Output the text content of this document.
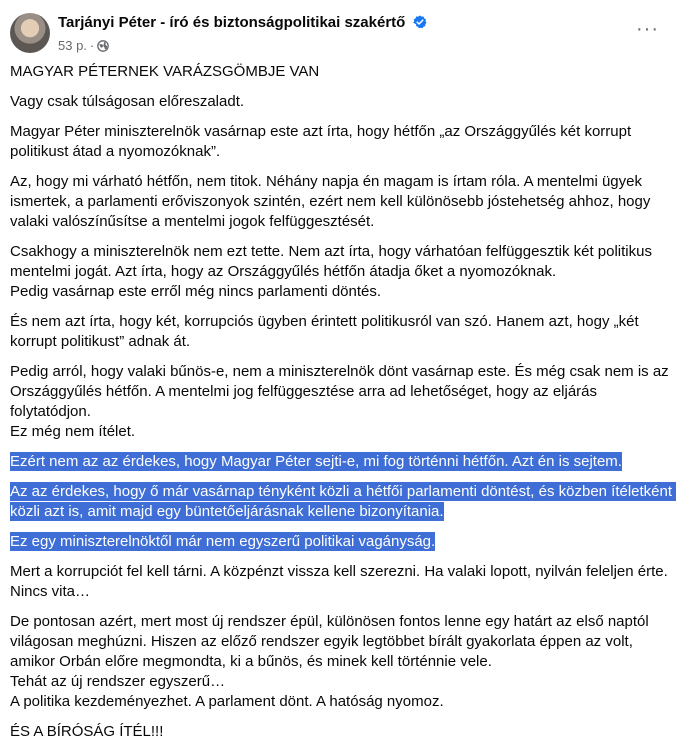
Tarjányi Péter - író és biztonságpolitikai szakértő
53 p. ·
···
MAGYAR PÉTERNEK VARÁZSGÖMBJE VAN
Vagy csak túlságosan előreszaladt.
Magyar Péter miniszterelnök vasárnap este azt írta, hogy hétfőn „az Országgyűlés két korrupt politikust átad a nyomozóknak”.
Az, hogy mi várható hétfőn, nem titok. Néhány napja én magam is írtam róla. A mentelmi ügyek ismertek, a parlamenti erőviszonyok szintén, ezért nem kell különösebb jóstehetség ahhoz, hogy valaki valószínűsítse a mentelmi jogok felfüggesztését.
Csakhogy a miniszterelnök nem ezt tette. Nem azt írta, hogy várhatóan felfüggesztik két politikus mentelmi jogát. Azt írta, hogy az Országgyűlés hétfőn átadja őket a nyomozóknak.
Pedig vasárnap este erről még nincs parlamenti döntés.
És nem azt írta, hogy két, korrupciós ügyben érintett politikusról van szó. Hanem azt, hogy „két korrupt politikust” adnak át.
Pedig arról, hogy valaki bűnös-e, nem a miniszterelnök dönt vasárnap este. És még csak nem is az Országgyűlés hétfőn. A mentelmi jog felfüggesztése arra ad lehetőséget, hogy az eljárás folytatódjon.
Ez még nem ítélet.
Ezért nem az az érdekes, hogy Magyar Péter sejti-e, mi fog történni hétfőn. Azt én is sejtem.
Az az érdekes, hogy ő már vasárnap tényként közli a hétfői parlamenti döntést, és közben ítéletként közli azt is, amit majd egy büntetőeljárásnak kellene bizonyítania.
Ez egy miniszterelnöktől már nem egyszerű politikai vagányság.
Mert a korrupciót fel kell tárni. A közpénzt vissza kell szerezni. Ha valaki lopott, nyilván feleljen érte. Nincs vita…
De pontosan azért, mert most új rendszer épül, különösen fontos lenne egy határt az első naptól világosan meghúzni. Hiszen az előző rendszer egyik legtöbbet bírált gyakorlata éppen az volt, amikor Orbán előre megmondta, ki a bűnös, és minek kell történnie vele.
Tehát az új rendszer egyszerű…
A politika kezdeményezhet. A parlament dönt. A hatóság nyomoz.
ÉS A BÍRÓSÁG ÍTÉL!!!
